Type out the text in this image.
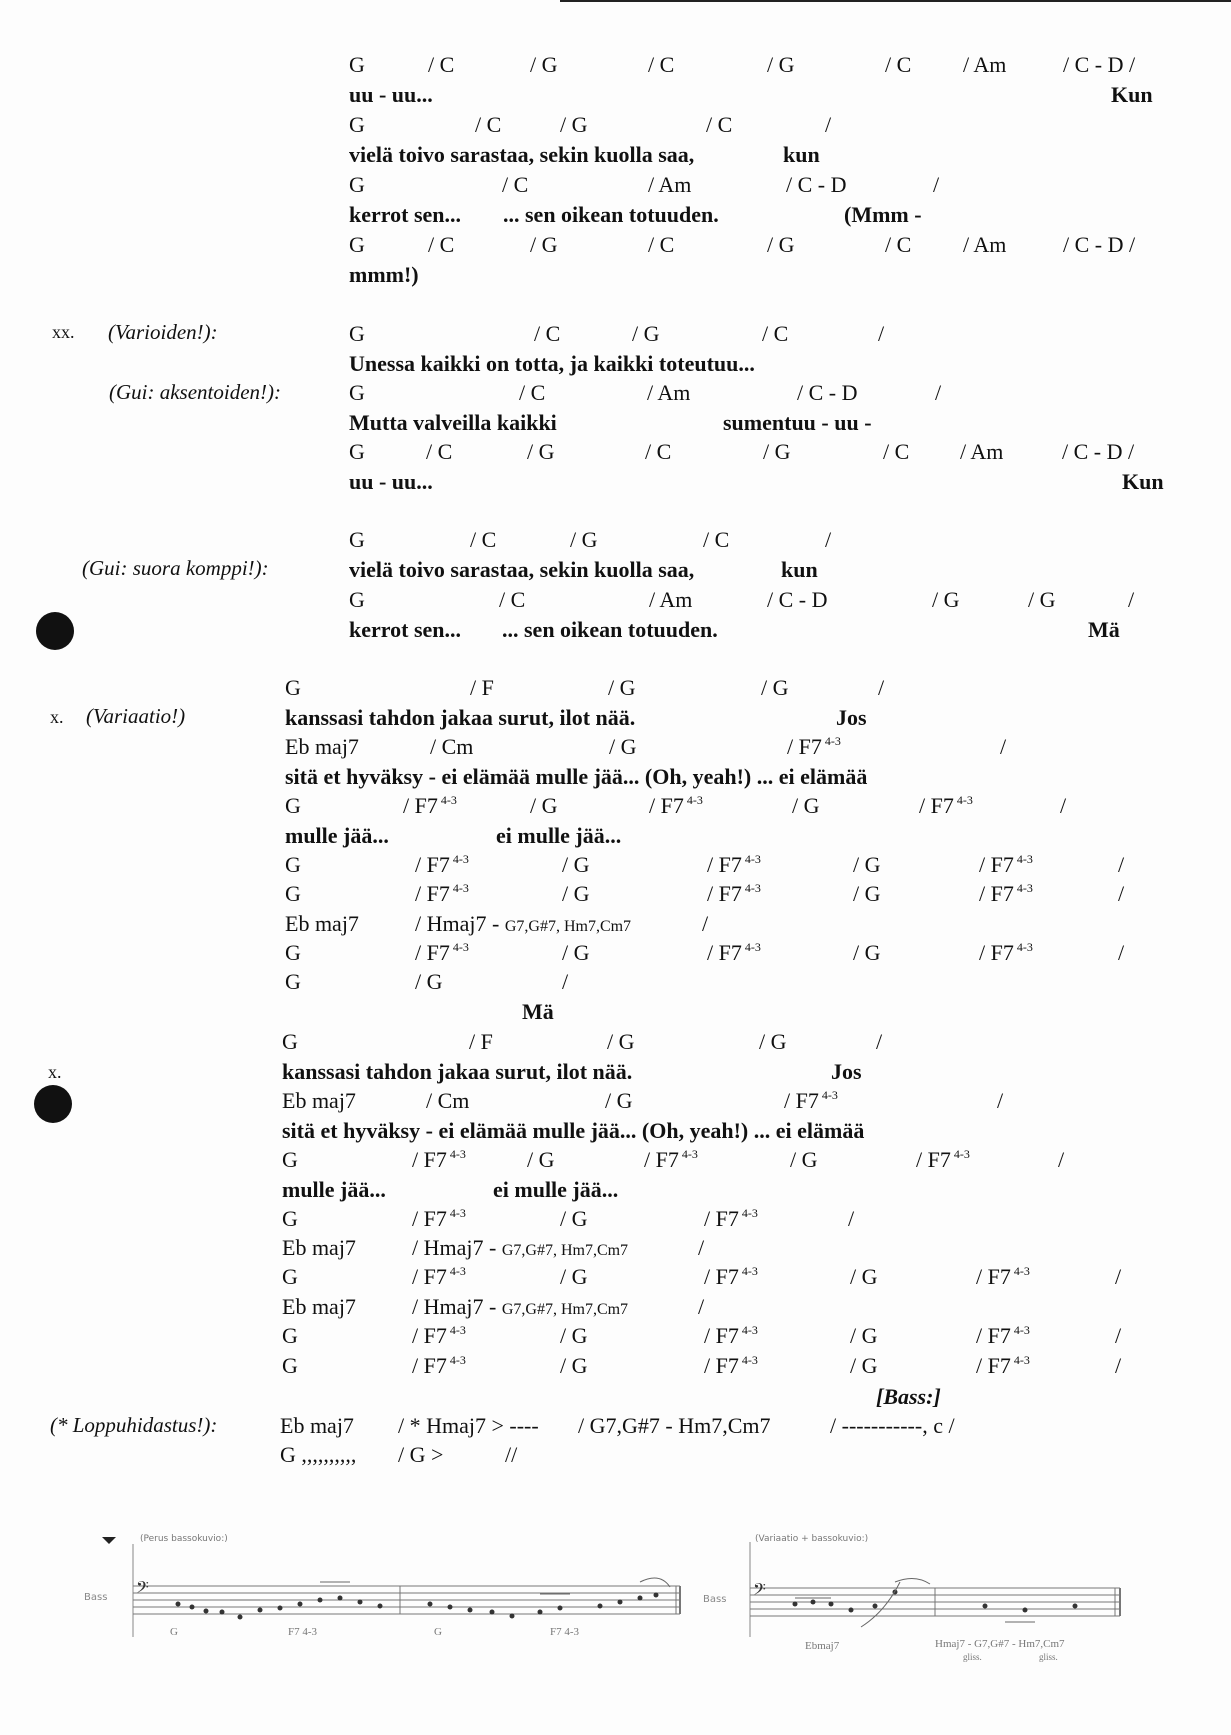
xx. (Varioiden!):
(Gui: aksentoiden!):
(Gui: suora komppi!):
x. (Variaatio!)
x.
(* Loppuhidastus!):
G	/ C	/ G	/ C	/ G	/ C / Am	/ C - D /
uu - uu...	Kun
G	/ C	/ G	/ C	/
vielä toivo sarastaa, sekin kuolla saa,	kun
G	/ C	/ Am	/ C - D	/
kerrot sen... ... sen oikean totuuden.	(Mmm -
G	/ C	/ G	/ C	/ G	/ C / Am	/ C - D /
mmm!)
G	/ C	/ G	/ C	/
Unessa kaikki on totta, ja kaikki toteutuu...
G	/ C	/ Am	/ C - D	/
Mutta valveilla kaikki	sumentuu - uu -
G	/ C	/ G	/ C	/ G	/ C / Am	/ C - D /
uu - uu...	Kun
G	/ C	/ G	/ C	/
vielä toivo sarastaa, sekin kuolla saa,	kun
G	/ C	/ Am	/ C - D	/ G	/ G	/
kerrot sen... ... sen oikean totuuden.	Mä
G	/ F	/ G	/ G	/
kanssasi tahdon jakaa surut, ilot nää.	Jos
Eb maj7	/ Cm	/ G	/ F7 $^{4-3}$	/
sitä et hyväksy - ei elämää mulle jää... (Oh, yeah!) ... ei elämää
G	/ F7 $^{4-3}$	/ G	/ F7 $^{4-3}$	/ G	/ F7 $^{4-3}$	/
mulle jää...	ei mulle jää...
G	/ F7 $^{4-3}$	/ G	/ F7 $^{4-3}$	/ G	/ F7 $^{4-3}$	/
G	/ F7 $^{4-3}$	/ G	/ F7 $^{4-3}$	/ G	/ F7 $^{4-3}$	/
Eb maj7	/ Hmaj7 - G7,G#7, Hm7,Cm7	/
G	/ F7 $^{4-3}$	/ G	/ F7 $^{4-3}$	/ G	/ F7 $^{4-3}$	/
G	/ G	/
Mä
G	/ F	/ G	/ G	/
kanssasi tahdon jakaa surut, ilot nää.	Jos
Eb maj7	/ Cm	/ G	/ F7 $^{4-3}$	/
sitä et hyväksy - ei elämää mulle jää... (Oh, yeah!) ... ei elämää
G	/ F7 $^{4-3}$	/ G	/ F7 $^{4-3}$	/ G	/ F7 $^{4-3}$	/
mulle jää...	ei mulle jää...
G	/ F7 $^{4-3}$	/ G	/ F7 $^{4-3}$	/
Eb maj7	/ Hmaj7 - G7,G#7, Hm7,Cm7	/
G	/ F7 $^{4-3}$	/ G	/ F7 $^{4-3}$	/ G	/ F7 $^{4-3}$	/
Eb maj7	/ Hmaj7 - G7,G#7, Hm7,Cm7	/
G	/ F7 $^{4-3}$	/ G	/ F7 $^{4-3}$	/ G	/ F7 $^{4-3}$	/
G	/ F7 $^{4-3}$	/ G	/ F7 $^{4-3}$	/ G	/ F7 $^{4-3}$	/
[Bass:]
Eb maj7 / * Hmaj7 > ---- / G7,G#7 - Hm7,Cm7	/ -----------, c /
G ,,,,,,,,,, / G >	//
𝄢
(Perus bassokuvio:)
Bass
G	F7 4-3	G	F7 4-3
𝄢
(Variaatio + bassokuvio:)
Bass
Ebmaj7	Hmaj7 - G7,G#7 - Hm7,Cm7
gliss.	gliss.
